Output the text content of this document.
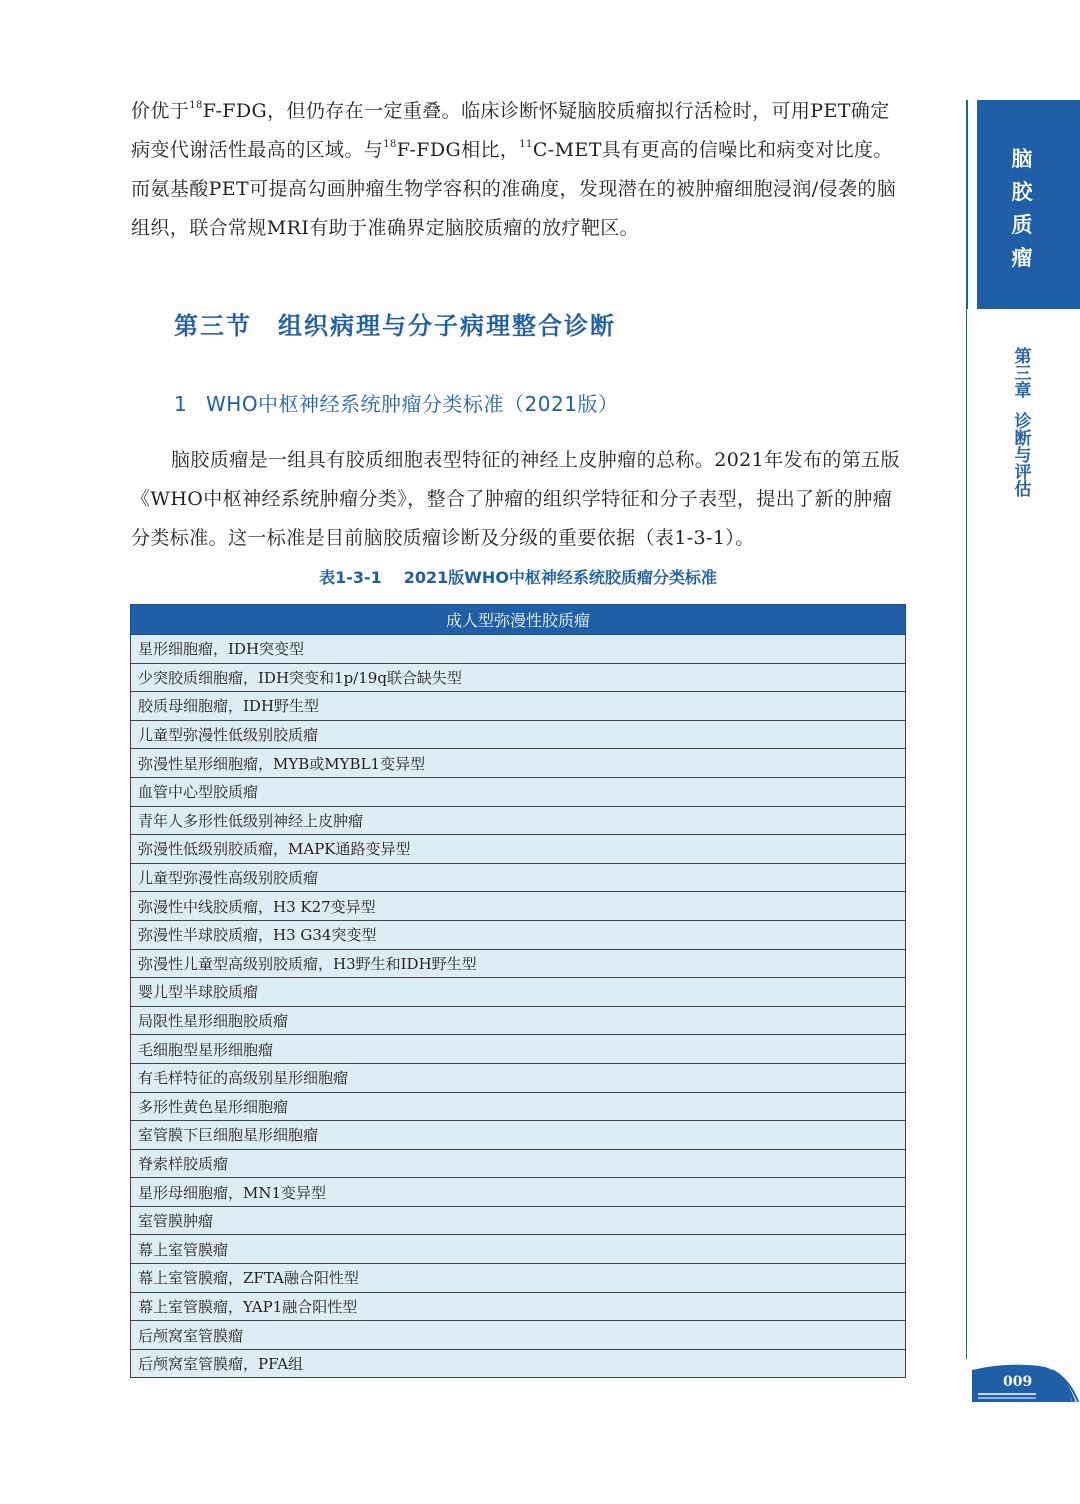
脑胶质瘤
第三章
诊断与评估

价优于$^{18}$F-FDG，但仍存在一定重叠。临床诊断怀疑脑胶质瘤拟行活检时，可用PET确定病变代谢活性最高的区域。与$^{18}$F-FDG相比，$^{11}$C-MET具有更高的信噪比和病变对比度。而氨基酸PET可提高勾画肿瘤生物学容积的准确度，发现潜在的被肿瘤细胞浸润/侵袭的脑组织，联合常规MRI有助于准确界定脑胶质瘤的放疗靶区。

第三节 组织病理与分子病理整合诊断
1 WHO中枢神经系统肿瘤分类标准（2021版）

脑胶质瘤是一组具有胶质细胞表型特征的神经上皮肿瘤的总称。2021年发布的第五版《WHO中枢神经系统肿瘤分类》，整合了肿瘤的组织学特征和分子表型，提出了新的肿瘤分类标准。这一标准是目前脑胶质瘤诊断及分级的重要依据（表1-3-1）。

表1-3-1 2021版WHO中枢神经系统胶质瘤分类标准
成人型弥漫性胶质瘤
星形细胞瘤，IDH突变型
少突胶质细胞瘤，IDH突变和1p/19q联合缺失型
胶质母细胞瘤，IDH野生型
儿童型弥漫性低级别胶质瘤
弥漫性星形细胞瘤，MYB或MYBL1变异型
血管中心型胶质瘤
青年人多形性低级别神经上皮肿瘤
弥漫性低级别胶质瘤，MAPK通路变异型
儿童型弥漫性高级别胶质瘤
弥漫性中线胶质瘤，H3 K27变异型
弥漫性半球胶质瘤，H3 G34突变型
弥漫性儿童型高级别胶质瘤，H3野生和IDH野生型
婴儿型半球胶质瘤
局限性星形细胞胶质瘤
毛细胞型星形细胞瘤
有毛样特征的高级别星形细胞瘤
多形性黄色星形细胞瘤
室管膜下巨细胞星形细胞瘤
脊索样胶质瘤
星形母细胞瘤，MN1变异型
室管膜肿瘤
幕上室管膜瘤
幕上室管膜瘤，ZFTA融合阳性型
幕上室管膜瘤，YAP1融合阳性型
后颅窝室管膜瘤
后颅窝室管膜瘤，PFA组
009
